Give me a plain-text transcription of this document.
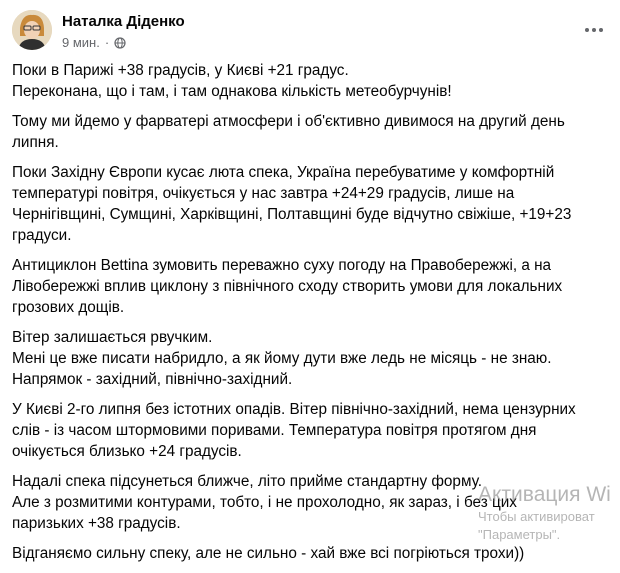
Наталка Діденко
9 мин. ·

Поки в Парижі +38 градусів, у Києві +21 градус.
Переконана, що і там, і там однакова кількість метеобурчунів!

Тому ми йдемо у фарватері атмосфери і об'єктивно дивимося на другий день
липня.

Поки Західну Європи кусає люта спека, Україна перебуватиме у комфортній
температурі повітря, очікується у нас завтра +24+29 градусів, лише на
Чернігівщині, Сумщині, Харківщині, Полтавщині буде відчутно свіжіше, +19+23
градуси.

Антициклон Bettina зумовить переважно суху погоду на Правобережжі, а на
Лівобережжі вплив циклону з північного сходу створить умови для локальних
грозових дощів.

Вітер залишається рвучким.
Мені це вже писати набридло, а як йому дути вже ледь не місяць - не знаю.
Напрямок - західний, північно-західний.

У Києві 2-го липня без істотних опадів. Вітер північно-західний, нема цензурних
слів - із часом штормовими поривами. Температура повітря протягом дня
очікується близько +24 градусів.

Надалі спека підсунеться ближче, літо прийме стандартну форму.
Але з розмитими контурами, тобто, і не прохолодно, як зараз, і без цих
паризьких +38 градусів.

Відганяємо сильну спеку, але не сильно - хай вже всі погріються трохи))

Активация Wi
Чтобы активироват
"Параметры".
